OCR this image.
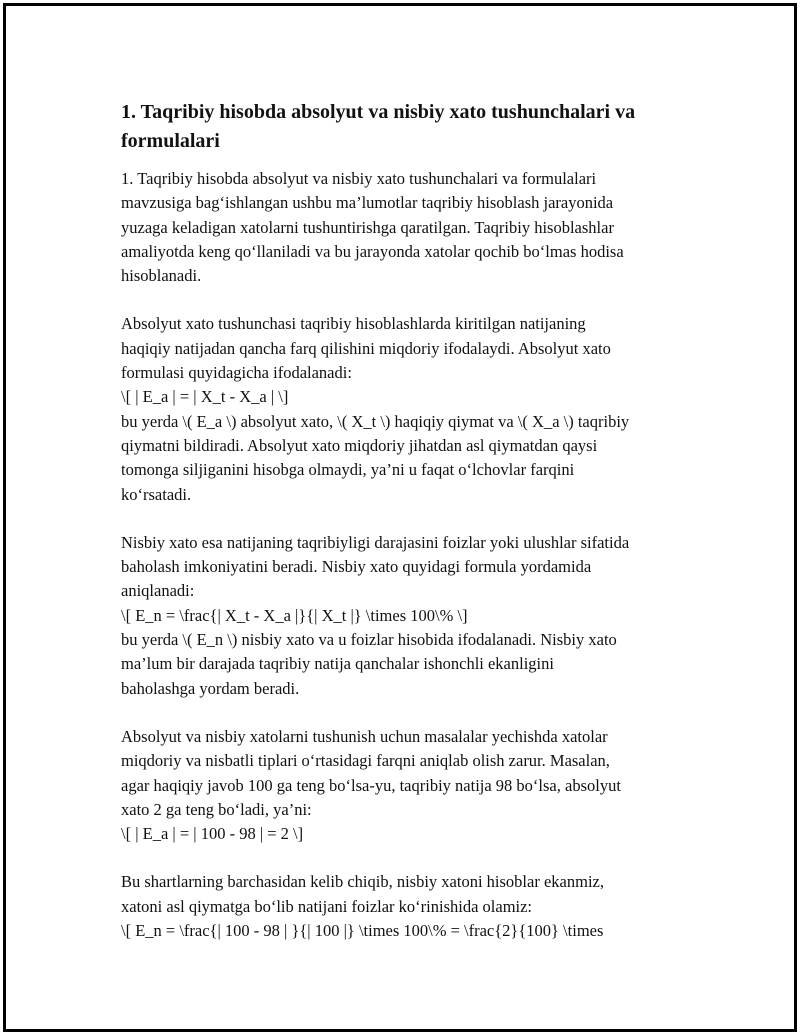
1. Taqribiy hisobda absolyut va nisbiy xato tushunchalari va
formulalari

1. Taqribiy hisobda absolyut va nisbiy xato tushunchalari va formulalari
mavzusiga bag‘ishlangan ushbu ma’lumotlar taqribiy hisoblash jarayonida
yuzaga keladigan xatolarni tushuntirishga qaratilgan. Taqribiy hisoblashlar
amaliyotda keng qo‘llaniladi va bu jarayonda xatolar qochib bo‘lmas hodisa
hisoblanadi.

Absolyut xato tushunchasi taqribiy hisoblashlarda kiritilgan natijaning
haqiqiy natijadan qancha farq qilishini miqdoriy ifodalaydi. Absolyut xato
formulasi quyidagicha ifodalanadi:
\[ | E_a | = | X_t - X_a | \]
bu yerda \( E_a \) absolyut xato, \( X_t \) haqiqiy qiymat va \( X_a \) taqribiy
qiymatni bildiradi. Absolyut xato miqdoriy jihatdan asl qiymatdan qaysi
tomonga siljiganini hisobga olmaydi, ya’ni u faqat o‘lchovlar farqini
ko‘rsatadi.

Nisbiy xato esa natijaning taqribiyligi darajasini foizlar yoki ulushlar sifatida
baholash imkoniyatini beradi. Nisbiy xato quyidagi formula yordamida
aniqlanadi:
\[ E_n = \frac{| X_t - X_a |}{| X_t |} \times 100\% \]
bu yerda \( E_n \) nisbiy xato va u foizlar hisobida ifodalanadi. Nisbiy xato
ma’lum bir darajada taqribiy natija qanchalar ishonchli ekanligini
baholashga yordam beradi.

Absolyut va nisbiy xatolarni tushunish uchun masalalar yechishda xatolar
miqdoriy va nisbatli tiplari o‘rtasidagi farqni aniqlab olish zarur. Masalan,
agar haqiqiy javob 100 ga teng bo‘lsa-yu, taqribiy natija 98 bo‘lsa, absolyut
xato 2 ga teng bo‘ladi, ya’ni:
\[ | E_a | = | 100 - 98 | = 2 \]

Bu shartlarning barchasidan kelib chiqib, nisbiy xatoni hisoblar ekanmiz,
xatoni asl qiymatga bo‘lib natijani foizlar ko‘rinishida olamiz:
\[ E_n = \frac{| 100 - 98 | }{| 100 |} \times 100\% = \frac{2}{100} \times
